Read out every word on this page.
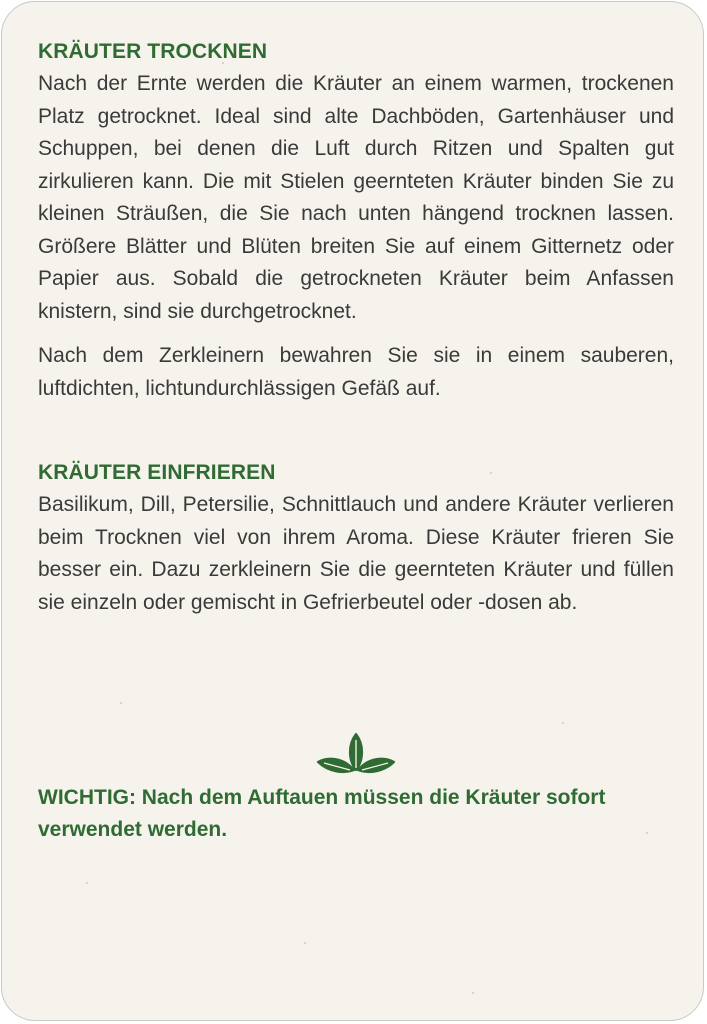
KRÄUTER TROCKNEN

Nach der Ernte werden die Kräuter an einem warmen, trockenen Platz getrocknet. Ideal sind alte Dachböden, Gartenhäuser und Schuppen, bei denen die Luft durch Ritzen und Spalten gut zirkulieren kann. Die mit Stielen geernteten Kräuter binden Sie zu kleinen Sträußen, die Sie nach unten hängend trocknen lassen. Größere Blätter und Blüten breiten Sie auf einem Gitternetz oder Papier aus. Sobald die getrockneten Kräuter beim Anfassen knistern, sind sie durchgetrocknet.

Nach dem Zerkleinern bewahren Sie sie in einem sauberen, luftdichten, lichtundurchlässigen Gefäß auf.

KRÄUTER EINFRIEREN

Basilikum, Dill, Petersilie, Schnittlauch und andere Kräuter verlieren beim Trocknen viel von ihrem Aroma. Diese Kräuter frieren Sie besser ein. Dazu zerkleinern Sie die geernteten Kräuter und füllen sie einzeln oder gemischt in Gefrierbeutel oder -dosen ab.

WICHTIG: Nach dem Auftauen müssen die Kräuter sofort verwendet werden.
